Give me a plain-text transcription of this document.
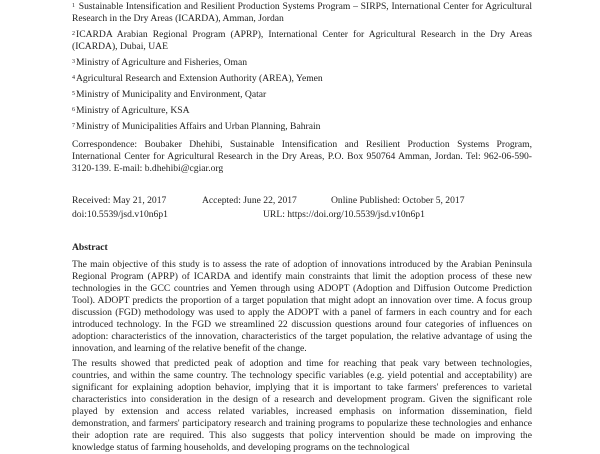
$^1$ Sustainable Intensification and Resilient Production Systems Program – SIRPS, International Center for Agricultural Research in the Dry Areas (ICARDA), Amman, Jordan
$^2$ICARDA Arabian Regional Program (APRP), International Center for Agricultural Research in the Dry Areas (ICARDA), Dubai, UAE
$^3$Ministry of Agriculture and Fisheries, Oman
$^4$Agricultural Research and Extension Authority (AREA), Yemen
$^5$Ministry of Municipality and Environment, Qatar
$^6$Ministry of Agriculture, KSA
$^7$Ministry of Municipalities Affairs and Urban Planning, Bahrain
Correspondence: Boubaker Dhehibi, Sustainable Intensification and Resilient Production Systems Program, International Center for Agricultural Research in the Dry Areas, P.O. Box 950764 Amman, Jordan. Tel: 962-06-590-3120-139. E-mail: b.dhehibi@cgiar.org
Received: May 21, 2017	Accepted: June 22, 2017	Online Published: October 5, 2017
doi:10.5539/jsd.v10n6p1	URL: https://doi.org/10.5539/jsd.v10n6p1
Abstract

The main objective of this study is to assess the rate of adoption of innovations introduced by the Arabian Peninsula Regional Program (APRP) of ICARDA and identify main constraints that limit the adoption process of these new technologies in the GCC countries and Yemen through using ADOPT (Adoption and Diffusion Outcome Prediction Tool). ADOPT predicts the proportion of a target population that might adopt an innovation over time. A focus group discussion (FGD) methodology was used to apply the ADOPT with a panel of farmers in each country and for each introduced technology. In the FGD we streamlined 22 discussion questions around four categories of influences on adoption: characteristics of the innovation, characteristics of the target population, the relative advantage of using the innovation, and learning of the relative benefit of the change.

The results showed that predicted peak of adoption and time for reaching that peak vary between technologies, countries, and within the same country. The technology specific variables (e.g. yield potential and acceptability) are significant for explaining adoption behavior, implying that it is important to take farmers' preferences to varietal characteristics into consideration in the design of a research and development program. Given the significant role played by extension and access related variables, increased emphasis on information dissemination, field demonstration, and farmers' participatory research and training programs to popularize these technologies and enhance their adoption rate are required. This also suggests that policy intervention should be made on improving the knowledge status of farming households, and developing programs on the technological
